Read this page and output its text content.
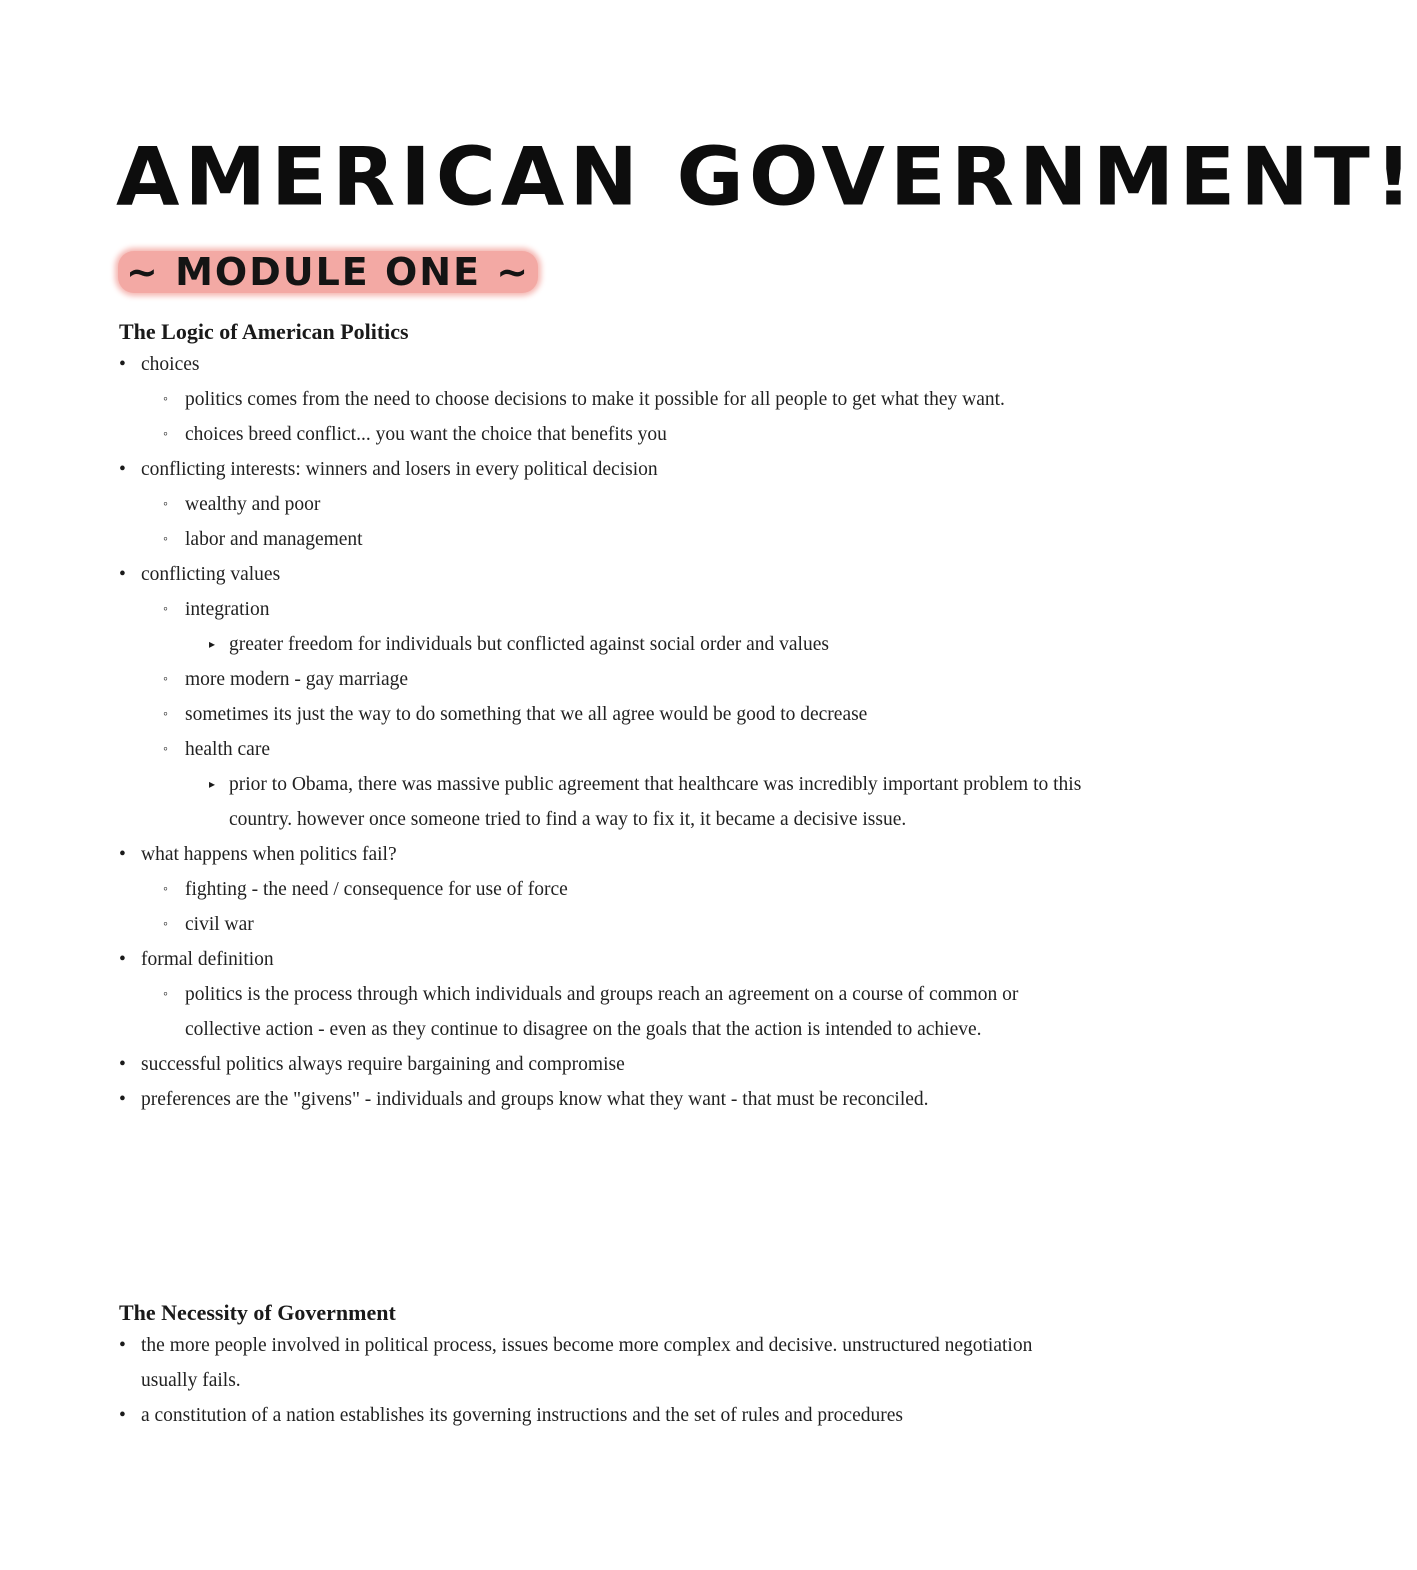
AMERICAN GOVERNMENT!
~ MODULE ONE ~
The Logic of American Politics
• choices
◦ politics comes from the need to choose decisions to make it possible for all people to get what they want.
◦ choices breed conflict... you want the choice that benefits you
• conflicting interests: winners and losers in every political decision
◦ wealthy and poor
◦ labor and management
• conflicting values
◦ integration
▸ greater freedom for individuals but conflicted against social order and values
◦ more modern - gay marriage
◦ sometimes its just the way to do something that we all agree would be good to decrease
◦ health care
▸ prior to Obama, there was massive public agreement that healthcare was incredibly important problem to this country. however once someone tried to find a way to fix it, it became a decisive issue.
• what happens when politics fail?
◦ fighting - the need / consequence for use of force
◦ civil war
• formal definition
◦ politics is the process through which individuals and groups reach an agreement on a course of common or collective action - even as they continue to disagree on the goals that the action is intended to achieve.
• successful politics always require bargaining and compromise
• preferences are the "givens" - individuals and groups know what they want - that must be reconciled.
The Necessity of Government
• the more people involved in political process, issues become more complex and decisive. unstructured negotiation usually fails.
• a constitution of a nation establishes its governing instructions and the set of rules and procedures
